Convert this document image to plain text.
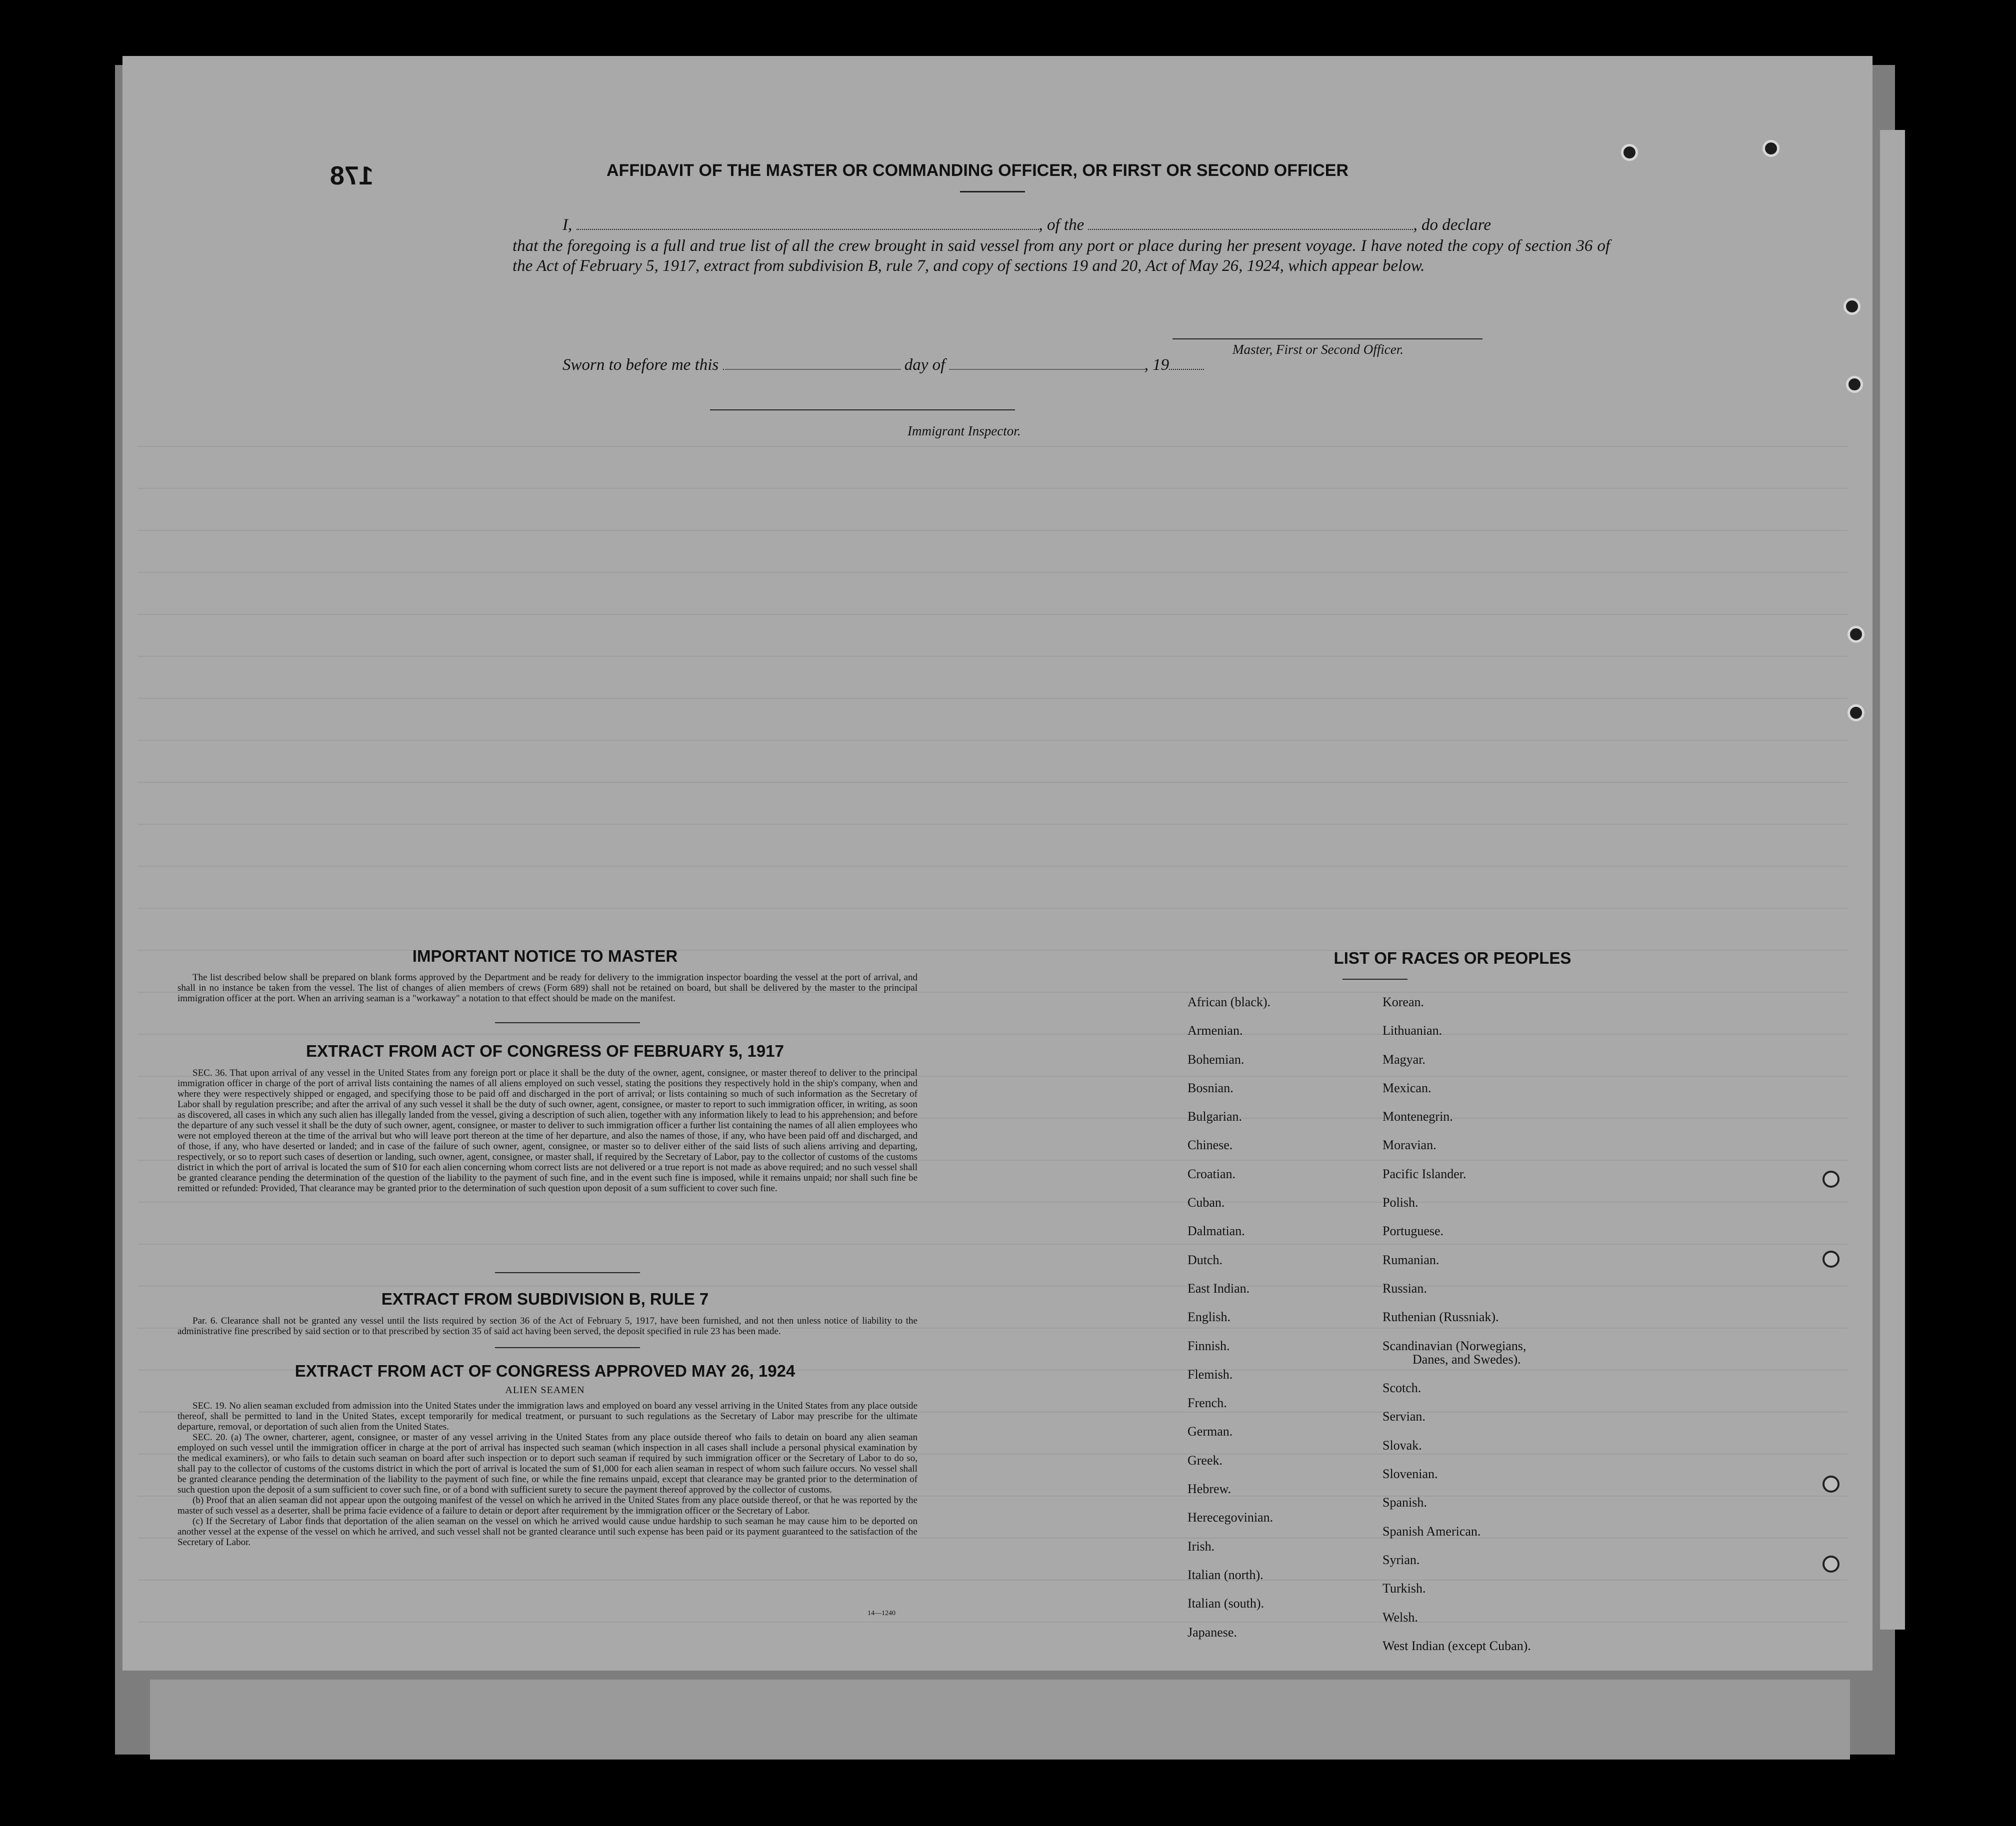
178	AFFIDAVIT OF THE MASTER OR COMMANDING OFFICER, OR FIRST OR SECOND OFFICER
I,	, of the	, do declare
that the foregoing is a full and true list of all the crew brought in said vessel from any port or place during her present voyage. I have noted the copy of section 36 of the Act of February 5, 1917, extract from subdivision B, rule 7, and copy of sections 19 and 20, Act of May 26, 1924, which appear below.
Master, First or Second Officer.
Sworn to before me this	day of	, 19
Immigrant Inspector.
IMPORTANT NOTICE TO MASTER

The list described below shall be prepared on blank forms approved by the Department and be ready for delivery to the immigration inspector boarding the vessel at the port of arrival, and shall in no instance be taken from the vessel. The list of changes of alien members of crews (Form 689) shall not be retained on board, but shall be delivered by the master to the principal immigration officer at the port. When an arriving seaman is a "workaway" a notation to that effect should be made on the manifest.

EXTRACT FROM ACT OF CONGRESS OF FEBRUARY 5, 1917

SEC. 36. That upon arrival of any vessel in the United States from any foreign port or place it shall be the duty of the owner, agent, consignee, or master thereof to deliver to the principal immigration officer in charge of the port of arrival lists containing the names of all aliens employed on such vessel, stating the positions they respectively hold in the ship's company, when and where they were respectively shipped or engaged, and specifying those to be paid off and discharged in the port of arrival; or lists containing so much of such information as the Secretary of Labor shall by regulation prescribe; and after the arrival of any such vessel it shall be the duty of such owner, agent, consignee, or master to report to such immigration officer, in writing, as soon as discovered, all cases in which any such alien has illegally landed from the vessel, giving a description of such alien, together with any information likely to lead to his apprehension; and before the departure of any such vessel it shall be the duty of such owner, agent, consignee, or master to deliver to such immigration officer a further list containing the names of all alien employees who were not employed thereon at the time of the arrival but who will leave port thereon at the time of her departure, and also the names of those, if any, who have been paid off and discharged, and of those, if any, who have deserted or landed; and in case of the failure of such owner, agent, consignee, or master so to deliver either of the said lists of such aliens arriving and departing, respectively, or so to report such cases of desertion or landing, such owner, agent, consignee, or master shall, if required by the Secretary of Labor, pay to the collector of customs of the customs district in which the port of arrival is located the sum of $10 for each alien concerning whom correct lists are not delivered or a true report is not made as above required; and no such vessel shall be granted clearance pending the determination of the question of the liability to the payment of such fine, and in the event such fine is imposed, while it remains unpaid; nor shall such fine be remitted or refunded: Provided, That clearance may be granted prior to the determination of such question upon deposit of a sum sufficient to cover such fine.

EXTRACT FROM SUBDIVISION B, RULE 7

Par. 6. Clearance shall not be granted any vessel until the lists required by section 36 of the Act of February 5, 1917, have been furnished, and not then unless notice of liability to the administrative fine prescribed by said section or to that prescribed by section 35 of said act having been served, the deposit specified in rule 23 has been made.

EXTRACT FROM ACT OF CONGRESS APPROVED MAY 26, 1924
ALIEN SEAMEN

SEC. 19. No alien seaman excluded from admission into the United States under the immigration laws and employed on board any vessel arriving in the United States from any place outside thereof, shall be permitted to land in the United States, except temporarily for medical treatment, or pursuant to such regulations as the Secretary of Labor may prescribe for the ultimate departure, removal, or deportation of such alien from the United States.

SEC. 20. (a) The owner, charterer, agent, consignee, or master of any vessel arriving in the United States from any place outside thereof who fails to detain on board any alien seaman employed on such vessel until the immigration officer in charge at the port of arrival has inspected such seaman (which inspection in all cases shall include a personal physical examination by the medical examiners), or who fails to detain such seaman on board after such inspection or to deport such seaman if required by such immigration officer or the Secretary of Labor to do so, shall pay to the collector of customs of the customs district in which the port of arrival is located the sum of $1,000 for each alien seaman in respect of whom such failure occurs. No vessel shall be granted clearance pending the determination of the liability to the payment of such fine, or while the fine remains unpaid, except that clearance may be granted prior to the determination of such question upon the deposit of a sum sufficient to cover such fine, or of a bond with sufficient surety to secure the payment thereof approved by the collector of customs.

(b) Proof that an alien seaman did not appear upon the outgoing manifest of the vessel on which he arrived in the United States from any place outside thereof, or that he was reported by the master of such vessel as a deserter, shall be prima facie evidence of a failure to detain or deport after requirement by the immigration officer or the Secretary of Labor.

(c) If the Secretary of Labor finds that deportation of the alien seaman on the vessel on which he arrived would cause undue hardship to such seaman he may cause him to be deported on another vessel at the expense of the vessel on which he arrived, and such vessel shall not be granted clearance until such expense has been paid or its payment guaranteed to the satisfaction of the Secretary of Labor.

14—1240
LIST OF RACES OR PEOPLES
African (black).
Armenian.
Bohemian.
Bosnian.
Bulgarian.
Chinese.
Croatian.
Cuban.
Dalmatian.
Dutch.
East Indian.
English.
Finnish.
Flemish.
French.
German.
Greek.
Hebrew.
Herecegovinian.
Irish.
Italian (north).
Italian (south).
Japanese.
Korean.
Lithuanian.
Magyar.
Mexican.
Montenegrin.
Moravian.
Pacific Islander.
Polish.
Portuguese.
Rumanian.
Russian.
Ruthenian (Russniak).
Scandinavian (Norwegians,
Danes, and Swedes).
Scotch.
Servian.
Slovak.
Slovenian.
Spanish.
Spanish American.
Syrian.
Turkish.
Welsh.
West Indian (except Cuban).
